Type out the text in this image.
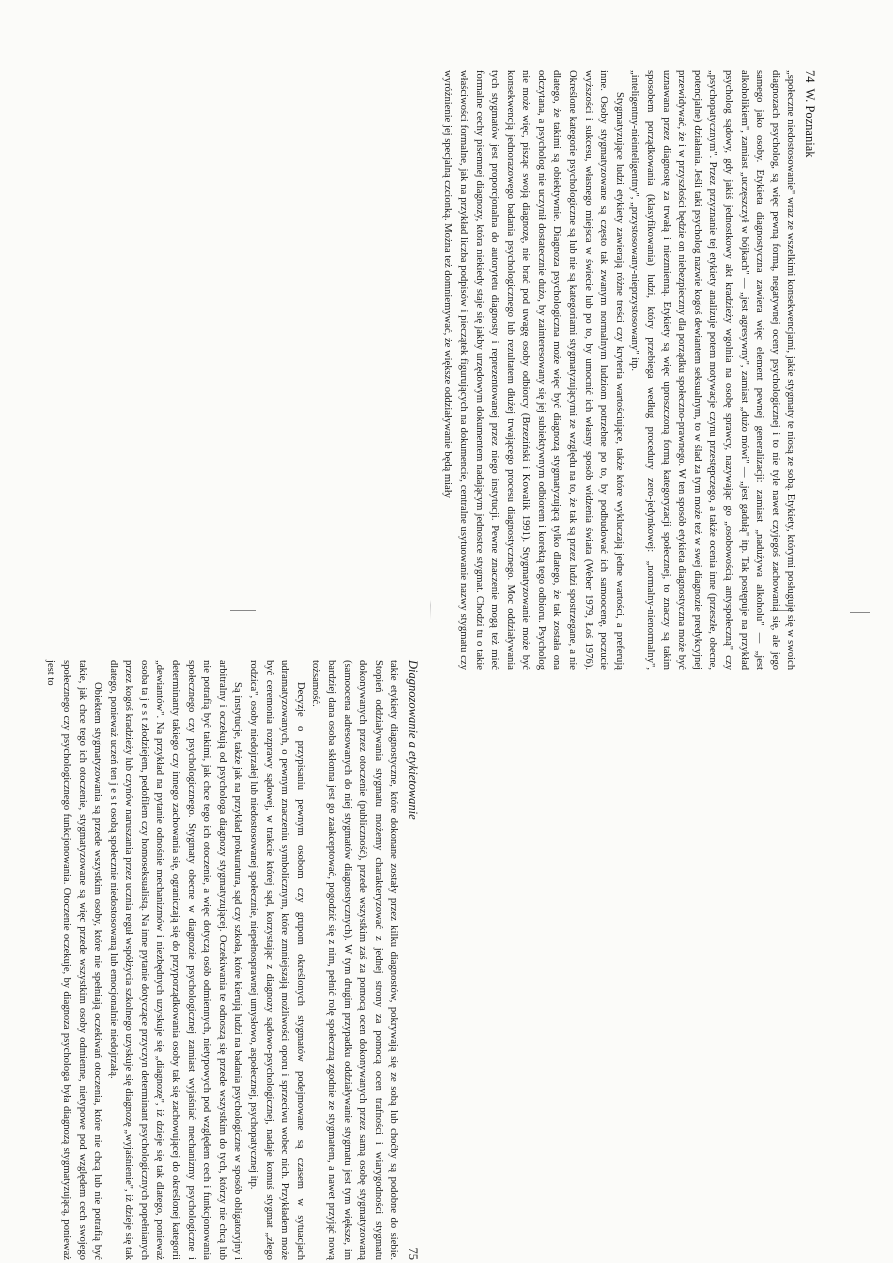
74  W. Poznaniak

„społeczne niedostosowanie" wraz ze wszelkimi konsekwencjami, jakie stygmaty te niosą ze sobą. Etykiety, którymi posługuje się w swoich diagnozach psycholog, są więc pewną formą, negatywnej oceny psychologicznej i to nie tyle nawet czyjegoś zachowania się, ale jego samego jako osoby. Etykieta diagnostyczna zawiera więc element pewnej generalizacji: zamiast „nadużywa alkoholu" — „jest alkoholikiem", zamiast „uczęszczył w bójkach" — „jest agresywny", zamiast „dużo mówi" — „jest gadułą" itp. Tak postępuje na przykład psycholog sądowy, gdy jakiś jednostkowy akt kradzieży wgolnia na osobę sprawcy, nazywając go „osobowością antyspołeczną" czy „psychopatycznym". Przez przyznanie tej etykiety analizuje potem motywacje czynu przestępczego, a także ocenia inne (przeszłe, obecne, potencjalne) działania. Jeśli taki psycholog nazwie kogoś dewiantem seksualnym, to w ślad za tym może też w swej diagnozie predykcyjnej przewidywać, że i w przyszłości będzie on niebezpieczny dla porządku społeczno-prawnego. W ten sposób etykieta diagnostyczna może być uznawana przez diagnostę za trwałą i niezmienną. Etykiety są więc uproszczoną formą kategoryzacji społecznej, to znaczy są takim sposobem porządkowania (klasyfikowania) ludzi, który przebiega według procedury zero-jedynkowej: „normalny-nienormalny", „inteligentny-nieinteligentny", „przystosowany-nieprzystosowany" itp.

Stygmatyzujące ludzi etykiety zawierają różne treści czy kryteria wartościujące, także które wykluczają jedne wartości, a preferują inne. Osoby stygmatyzowane są często tak zwanym normalnym ludziom potrzebne po to, by podbudować ich samoocenę, poczucie wyższości i sukcesu, własnego miejsca w świecie lub po to, by umocnić ich własny sposób widzenia świata (Weber 1979, Łoś 1976). Określone kategorie psychologiczne są lub nie są kategoriami stygmatyzującymi ze względu na to, że tak są przez ludzi spostrzegane, a nie dlatego, że takimi są obiektywnie. Diagnoza psychologiczna może więc być diagnozą stygmatyzującą tylko dlatego, że tak została ona odczytana, a psycholog nie uczynił dostatecznie dużo, by zainteresowany się jej subiektywnym odbiorem i korektą tego odbioru. Psycholog nie może więc, pisząc swoją diagnozę, nie brać pod uwagę osoby odbiorcy (Brzeziński i Kowalik 1991). Stygmatyzowanie może być konsekwencją jednorazowego badania psychologicznego lub rezultatem dłużej trwającego procesu diagnostycznego. Moc oddziaływania tych stygmatów jest proporcjonalna do autorytetu diagnosty i reprezentowanej przez niego instytucji. Pewne znaczenie mogą też mieć formalne cechy pisemnej diagnozy, która niekiedy staje się jakby urzędowym dokumentem nadającym jednostce stygmat. Chodzi tu o takie właściwości formalne, jak na przykład liczba podpisów i pieczątek figurujących na dokumencie, centralne usytuowanie nazwy stygmatu czy wyróżnienie jej specjalną czcionką. Można też domniemywać, że większe oddziaływanie będą miały

Diagnozowanie a etykietowanie
75

takie etykiety diagnostyczne, które dokonane zostały przez kilku diagnostów, pokrywają się ze sobą lub choćby są podobne do siebie. Stopień oddziaływania stygmatu możemy charakteryzować z jednej strony za pomocą ocen trafności i wiarygodności stygmatu dokonywanych przez otoczenie (publiczność), przede wszystkim zaś za pomocą ocen dokonywanych przez samą osobę stygmatyzowaną (samoocena adresowanych do niej stygmatów diagnostycznych). W tym drugim przypadku oddziaływanie stygmatu jest tym większe, im bardziej dana osoba skłonna jest go zaakceptować, pogodzić się z nim, pełnić rolę społeczną zgodnie ze stygmatem, a nawet przyjąć nową tożsamość.

Decyzje o przypisaniu pewnym osobom czy grupom określonych stygmatów podejmowane są czasem w sytuacjach udramatyzowanych, o pewnym znaczeniu symbolicznym, które zmniejszają możliwości oporu i sprzeciwu wobec nich. Przykładem może być ceremonia rozprawy sądowej, w trakcie której sąd, korzystając z diagnozy sądowo-psychologicznej, nadaje komuś stygmat „złego rodzica", osoby niedojrzałej lub niedostosowanej społecznie, niepełnosprawnej umysłowo, aspołecznej, psychopatycznej itp.

Są instytucje, także jak na przykład prokuratura, sąd czy szkoła, które kierują ludzi na badania psychologiczne w sposób obligatoryjny i arbitralny i oczekują od psychologa diagnozy stygmatyzującej. Oczekiwania te odnoszą się przede wszystkim do tych, którzy nie chcą lub nie potrafią być takimi, jak chce tego ich otoczenie, a więc dotyczą osób odmiennych, nietypowych pod względem cech i funkcjonowania społecznego czy psychologicznego. Stygmaty obecne w diagnozie psychologicznej zamiast wyjaśniać mechanizmy psychologiczne i determinanty takiego czy innego zachowania się, ograniczają się do przyporządkowania osoby tak się zachowującej do określonej kategorii „dewiantów". Na przykład na pytanie odnośnie mechanizmów i niezbędnych uzyskuje się „diagnozę", iż dzieje się tak dlatego, ponieważ osoba ta j e s t złodziejem, pedofilem czy homoseksualistą. Na inne pytanie dotyczące przyczyn determinant psychologicznych popełnianych przez kogoś kradzieży lub czynów naruszania przez ucznia reguł współżycia szkolnego uzyskuje się diagnozę „wyjaśnienie", iż dzieje się tak dlatego, ponieważ uczeń ten j e s t osobą społecznie niedostosowaną lub emocjonalnie niedojrzałą.

Obiektem stygmatyzowania są przede wszystkim osoby, które nie spełniają oczekiwań otoczenia, które nie chcą lub nie potrafią być takie, jak chce tego ich otoczenie, stygmatyzowane są więc przede wszystkim osoby odmienne, nietypowe pod względem cech swojego społecznego czy psychologicznego funkcjonowania. Otoczenie oczekuje, by diagnoza psychologa była diagnozą stygmatyzującą, ponieważ jest to
